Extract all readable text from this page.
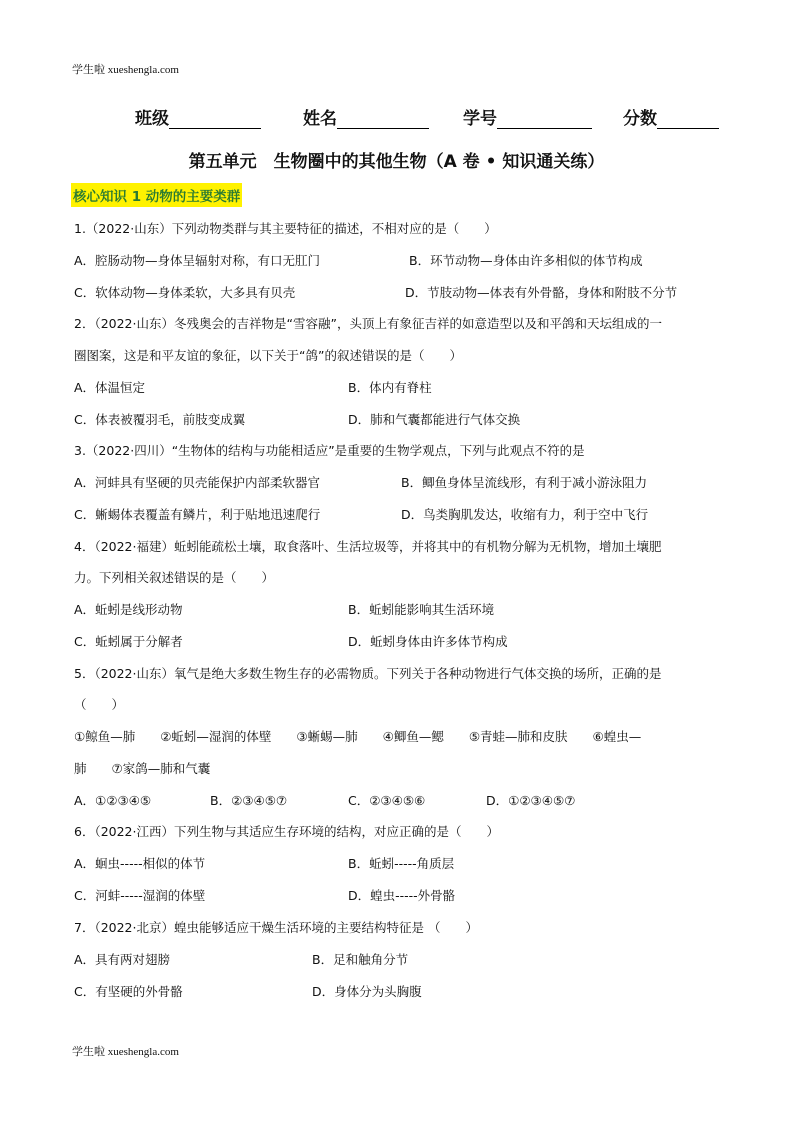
学生啦 xueshengla.com
班级	姓名	学号	分数
第五单元　生物圈中的其他生物（A 卷 • 知识通关练）
核心知识 1 动物的主要类群
1.（2022·山东）下列动物类群与其主要特征的描述，不相对应的是（　　）
A．腔肠动物—身体呈辐射对称，有口无肛门	B．环节动物—身体由许多相似的体节构成
C．软体动物—身体柔软，大多具有贝壳	D．节肢动物—体表有外骨骼，身体和附肢不分节
2．（2022·山东）冬残奥会的吉祥物是“雪容融”，头顶上有象征吉祥的如意造型以及和平鸽和天坛组成的一
圈图案，这是和平友谊的象征，以下关于“鸽”的叙述错误的是（　　）
A．体温恒定	B．体内有脊柱
C．体表被覆羽毛，前肢变成翼	D．肺和气囊都能进行气体交换
3.（2022·四川）“生物体的结构与功能相适应”是重要的生物学观点，下列与此观点不符的是
A．河蚌具有坚硬的贝壳能保护内部柔软器官	B．鲫鱼身体呈流线形，有利于减小游泳阻力
C．蜥蜴体表覆盖有鳞片，利于贴地迅速爬行	D．鸟类胸肌发达，收缩有力，利于空中飞行
4．（2022·福建）蚯蚓能疏松土壤，取食落叶、生活垃圾等，并将其中的有机物分解为无机物，增加土壤肥
力。下列相关叙述错误的是（　　）
A．蚯蚓是线形动物	B．蚯蚓能影响其生活环境
C．蚯蚓属于分解者	D．蚯蚓身体由许多体节构成
5．（2022·山东）氧气是绝大多数生物生存的必需物质。下列关于各种动物进行气体交换的场所，正确的是
（　　）
①鲸鱼—肺　　②蚯蚓—湿润的体壁　　③蜥蜴—肺　　④鲫鱼—鳃　　⑤青蛙—肺和皮肤　　⑥蝗虫—
肺　　⑦家鸽—肺和气囊
A．①②③④⑤	B．②③④⑤⑦	C．②③④⑤⑥	D．①②③④⑤⑦
6．（2022·江西）下列生物与其适应生存环境的结构，对应正确的是（　　）
A．蛔虫-----相似的体节	B．蚯蚓-----角质层
C．河蚌-----湿润的体壁	D．蝗虫-----外骨骼
7．（2022·北京）蝗虫能够适应干燥生活环境的主要结构特征是 （　　）
A．具有两对翅膀	B．足和触角分节
C．有坚硬的外骨骼	D．身体分为头胸腹
学生啦 xueshengla.com
